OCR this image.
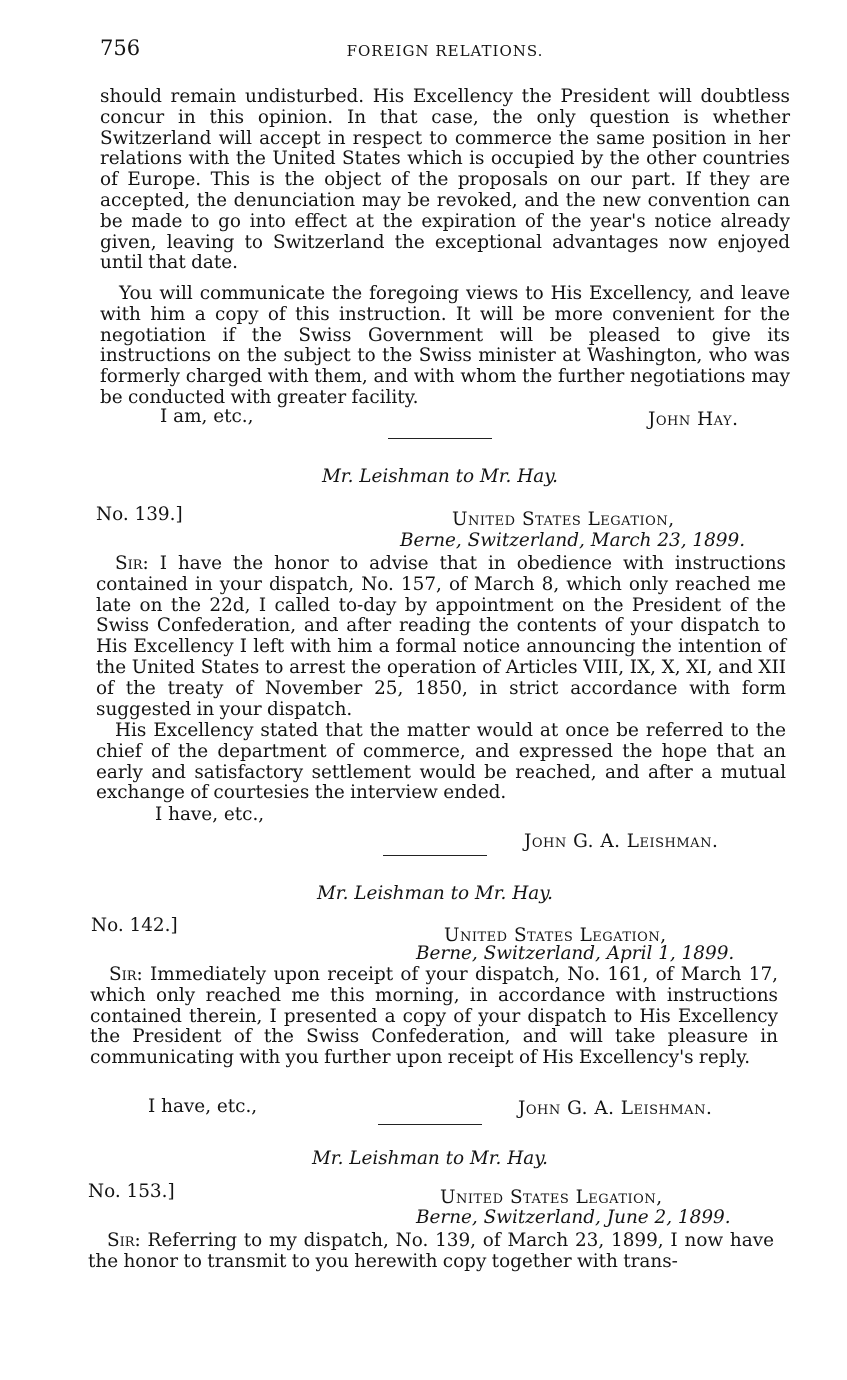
756	FOREIGN RELATIONS.

should remain undisturbed. His Excellency the President will doubtless concur in this opinion. In that case, the only question is whether Switzerland will accept in respect to commerce the same position in her relations with the United States which is occupied by the other countries of Europe. This is the object of the proposals on our part. If they are accepted, the denunciation may be revoked, and the new convention can be made to go into effect at the expiration of the year's notice already given, leaving to Switzerland the exceptional advantages now enjoyed until that date.

You will communicate the foregoing views to His Excellency, and leave with him a copy of this instruction. It will be more convenient for the negotiation if the Swiss Government will be pleased to give its instructions on the subject to the Swiss minister at Washington, who was formerly charged with them, and with whom the further negotiations may be conducted with greater facility.

I am, etc.,	John Hay.
Mr. Leishman to Mr. Hay.
No. 139.]	United States Legation,
Berne, Switzerland, March 23, 1899.

Sir: I have the honor to advise that in obedience with instructions contained in your dispatch, No. 157, of March 8, which only reached me late on the 22d, I called to-day by appointment on the President of the Swiss Confederation, and after reading the contents of your dispatch to His Excellency I left with him a formal notice announcing the intention of the United States to arrest the operation of Articles VIII, IX, X, XI, and XII of the treaty of November 25, 1850, in strict accordance with form suggested in your dispatch.

His Excellency stated that the matter would at once be referred to the chief of the department of commerce, and expressed the hope that an early and satisfactory settlement would be reached, and after a mutual exchange of courtesies the interview ended.

I have, etc.,
John G. A. Leishman.
Mr. Leishman to Mr. Hay.
No. 142.]	United States Legation,
Berne, Switzerland, April 1, 1899.

Sir: Immediately upon receipt of your dispatch, No. 161, of March 17, which only reached me this morning, in accordance with instructions contained therein, I presented a copy of your dispatch to His Excellency the President of the Swiss Confederation, and will take pleasure in communicating with you further upon receipt of His Excellency's reply.

I have, etc.,	John G. A. Leishman.
Mr. Leishman to Mr. Hay.
No. 153.]	United States Legation,
Berne, Switzerland, June 2, 1899.

Sir: Referring to my dispatch, No. 139, of March 23, 1899, I now have the honor to transmit to you herewith copy together with trans-
